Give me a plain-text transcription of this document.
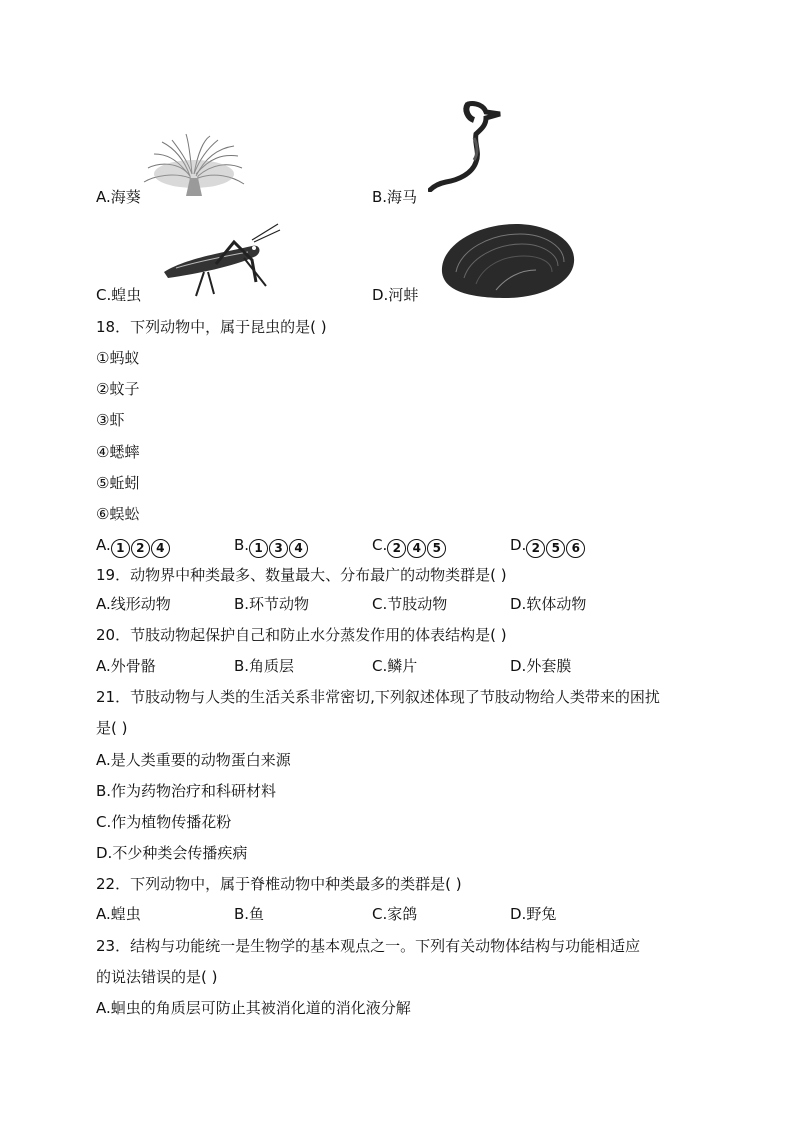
A.海葵	B.海马
C.蝗虫	D.河蚌
18．下列动物中，属于昆虫的是( )
①蚂蚁
②蚊子
③虾
④蟋蟀
⑤蚯蚓
⑥蜈蚣
A. 1 2 4	B. 1 3 4	C. 2 4 5	D. 2 5 6
19．动物界中种类最多、数量最大、分布最广的动物类群是( )
A.线形动物	B.环节动物	C.节肢动物	D.软体动物
20．节肢动物起保护自己和防止水分蒸发作用的体表结构是( )
A.外骨骼	B.角质层	C.鳞片	D.外套膜
21．节肢动物与人类的生活关系非常密切,下列叙述体现了节肢动物给人类带来的困扰
是( )
A.是人类重要的动物蛋白来源
B.作为药物治疗和科研材料
C.作为植物传播花粉
D.不少种类会传播疾病
22．下列动物中，属于脊椎动物中种类最多的类群是( )
A.蝗虫	B.鱼	C.家鸽	D.野兔
23．结构与功能统一是生物学的基本观点之一。下列有关动物体结构与功能相适应
的说法错误的是( )
A.蛔虫的角质层可防止其被消化道的消化液分解
